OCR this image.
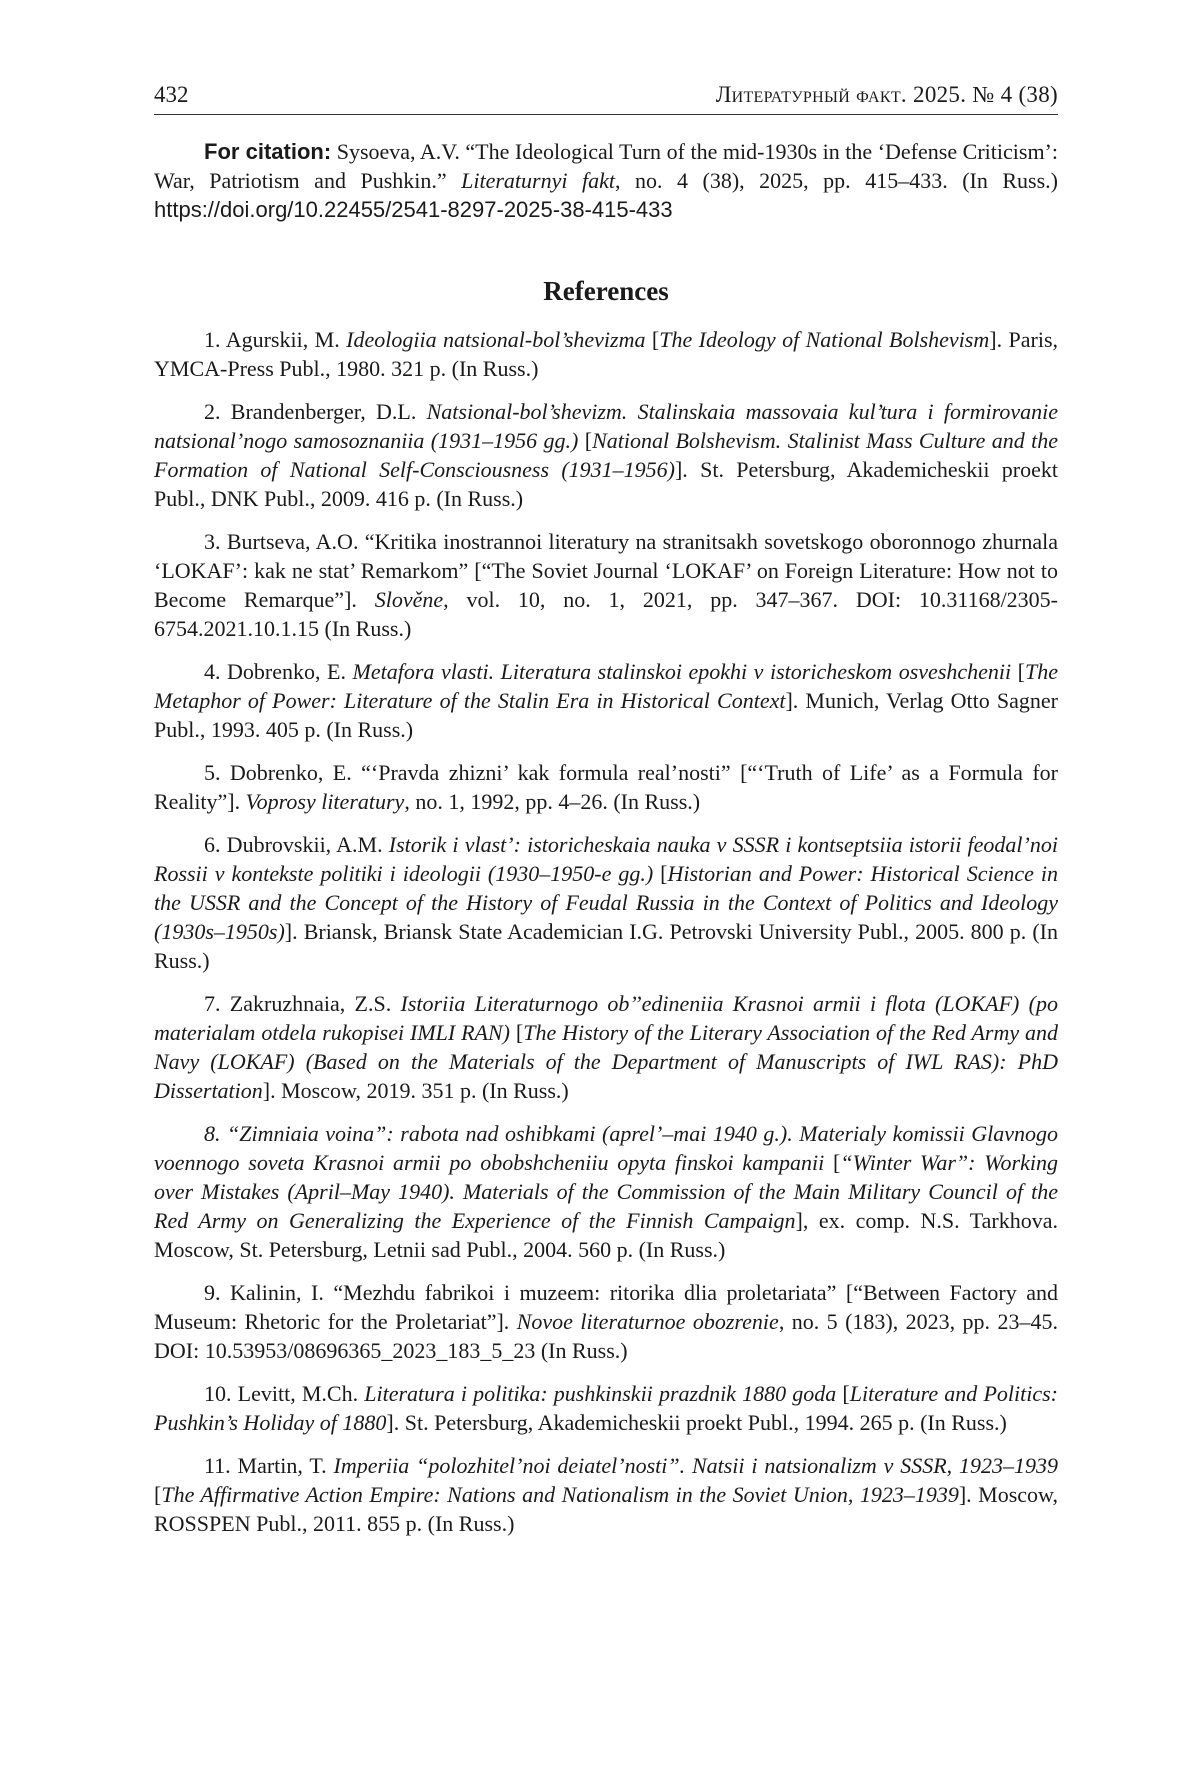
432	Литературный факт. 2025. № 4 (38)

For citation: Sysoeva, A.V. “The Ideological Turn of the mid-1930s in the ‘Defense Criticism’: War, Patriotism and Pushkin.” Literaturnyi fakt, no. 4 (38), 2025, pp. 415–433. (In Russ.) https://doi.org/10.22455/2541-8297-2025-38-415-433

References

1. Agurskii, M. Ideologiia natsional-bol’shevizma [The Ideology of National Bolshevism]. Paris, YMCA-Press Publ., 1980. 321 p. (In Russ.)

2. Brandenberger, D.L. Natsional-bol’shevizm. Stalinskaia massovaia kul’tura i formirovanie natsional’nogo samosoznaniia (1931–1956 gg.) [National Bolshevism. Stalinist Mass Culture and the Formation of National Self-Consciousness (1931–1956)]. St. Petersburg, Akademicheskii proekt Publ., DNK Publ., 2009. 416 p. (In Russ.)

3. Burtseva, A.O. “Kritika inostrannoi literatury na stranitsakh sovetskogo oboronnogo zhurnala ‘LOKAF’: kak ne stat’ Remarkom” [“The Soviet Journal ‘LOKAF’ on Foreign Literature: How not to Become Remarque”]. Slověne, vol. 10, no. 1, 2021, pp. 347–367. DOI: 10.31168/2305-6754.2021.10.1.15 (In Russ.)

4. Dobrenko, E. Metafora vlasti. Literatura stalinskoi epokhi v istoricheskom osveshchenii [The Metaphor of Power: Literature of the Stalin Era in Historical Context]. Munich, Verlag Otto Sagner Publ., 1993. 405 p. (In Russ.)

5. Dobrenko, E. “‘Pravda zhizni’ kak formula real’nosti” [“‘Truth of Life’ as a Formula for Reality”]. Voprosy literatury, no. 1, 1992, pp. 4–26. (In Russ.)

6. Dubrovskii, A.M. Istorik i vlast’: istoricheskaia nauka v SSSR i kontseptsiia istorii feodal’noi Rossii v kontekste politiki i ideologii (1930–1950-e gg.) [Historian and Power: Historical Science in the USSR and the Concept of the History of Feudal Russia in the Context of Politics and Ideology (1930s–1950s)]. Briansk, Briansk State Academician I.G. Petrovski University Publ., 2005. 800 p. (In Russ.)

7. Zakruzhnaia, Z.S. Istoriia Literaturnogo ob’’edineniia Krasnoi armii i flota (LOKAF) (po materialam otdela rukopisei IMLI RAN) [The History of the Literary Association of the Red Army and Navy (LOKAF) (Based on the Materials of the Department of Manuscripts of IWL RAS): PhD Dissertation]. Moscow, 2019. 351 p. (In Russ.)

8. “Zimniaia voina”: rabota nad oshibkami (aprel’–mai 1940 g.). Materialy komissii Glavnogo voennogo soveta Krasnoi armii po obobshcheniiu opyta finskoi kampanii [“Winter War”: Working over Mistakes (April–May 1940). Materials of the Commission of the Main Military Council of the Red Army on Generalizing the Experience of the Finnish Campaign], ex. comp. N.S. Tarkhova. Moscow, St. Petersburg, Letnii sad Publ., 2004. 560 p. (In Russ.)

9. Kalinin, I. “Mezhdu fabrikoi i muzeem: ritorika dlia proletariata” [“Between Factory and Museum: Rhetoric for the Proletariat”]. Novoe literaturnoe obozrenie, no. 5 (183), 2023, pp. 23–45. DOI: 10.53953/08696365_2023_183_5_23 (In Russ.)

10. Levitt, M.Ch. Literatura i politika: pushkinskii prazdnik 1880 goda [Literature and Politics: Pushkin’s Holiday of 1880]. St. Petersburg, Akademicheskii proekt Publ., 1994. 265 p. (In Russ.)

11. Martin, T. Imperiia “polozhitel’noi deiatel’nosti”. Natsii i natsionalizm v SSSR, 1923–1939 [The Affirmative Action Empire: Nations and Nationalism in the Soviet Union, 1923–1939]. Moscow, ROSSPEN Publ., 2011. 855 p. (In Russ.)
